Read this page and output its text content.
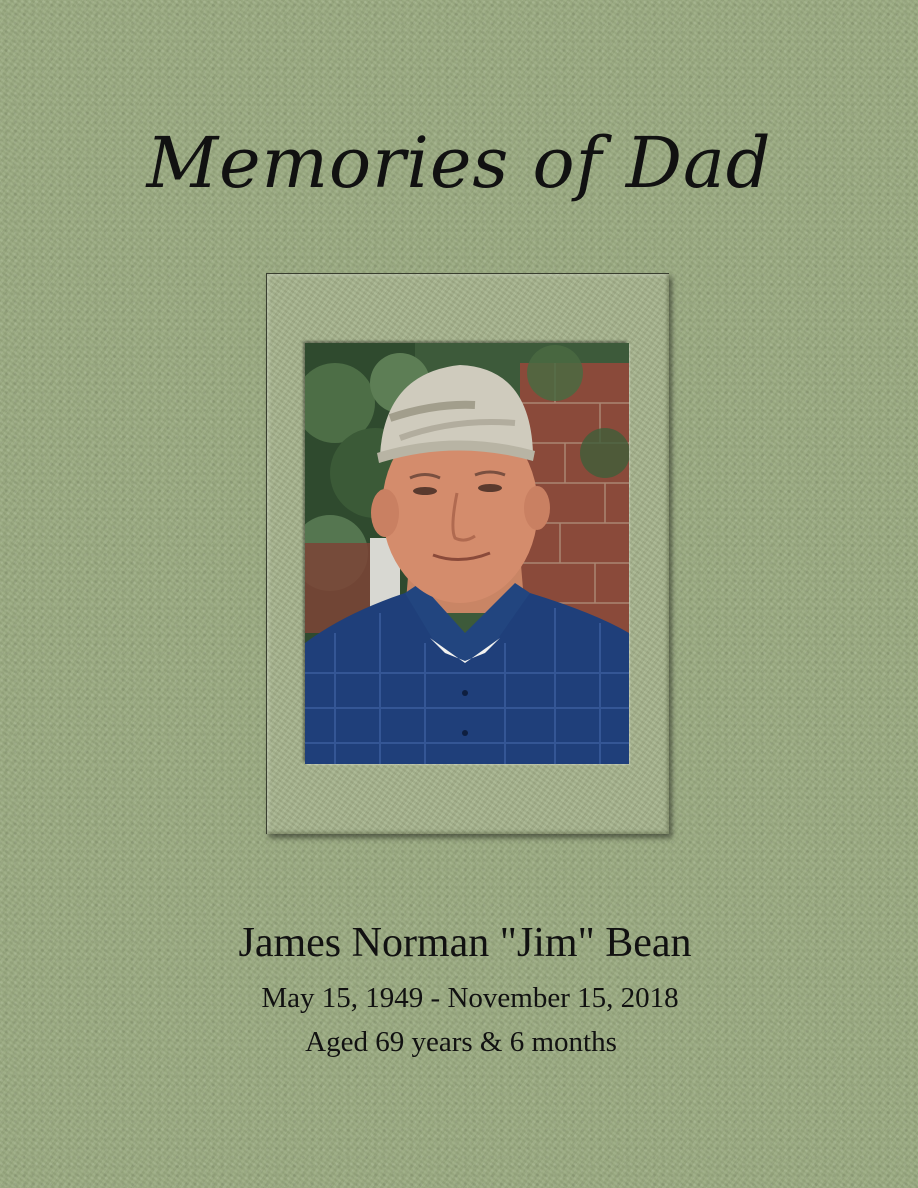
Memories of Dad
James Norman "Jim" Bean
May 15, 1949 - November 15, 2018
Aged 69 years & 6 months
